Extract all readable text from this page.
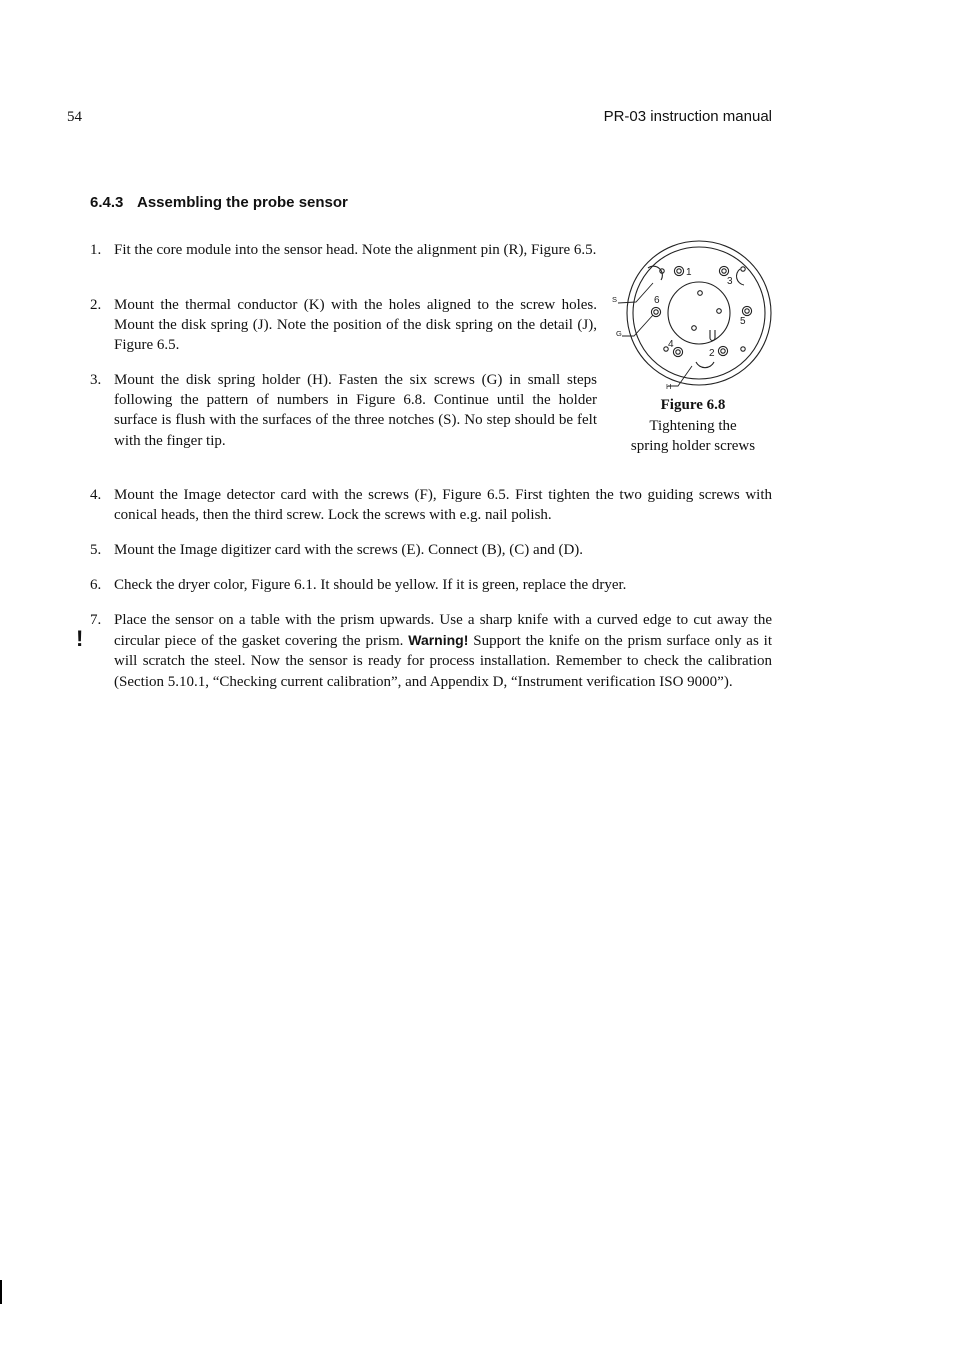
54	PR-03 instruction manual
6.4.3 Assembling the probe sensor
1. Fit the core module into the sensor head. Note the alignment pin (R), Figure 6.5.
2. Mount the thermal conductor (K) with the holes aligned to the screw holes. Mount the disk spring (J). Note the position of the disk spring on the detail (J), Figure 6.5.
3. Mount the disk spring holder (H). Fasten the six screws (G) in small steps following the pattern of numbers in Figure 6.8. Continue until the holder surface is flush with the surfaces of the three notches (S). No step should be felt with the finger tip.
4. Mount the Image detector card with the screws (F), Figure 6.5. First tighten the two guiding screws with conical heads, then the third screw. Lock the screws with e.g. nail polish.
5. Mount the Image digitizer card with the screws (E). Connect (B), (C) and (D).
6. Check the dryer color, Figure 6.1. It should be yellow. If it is green, replace the dryer.
7. Place the sensor on a table with the prism upwards. Use a sharp knife with a curved edge to cut away the circular piece of the gasket covering the prism. Warning! Support the knife on the prism surface only as it will scratch the steel. Now the sensor is ready for process installation. Remember to check the calibration (Section 5.10.1, “Checking current calibration”, and Appendix D, “Instrument verification ISO 9000”).
!
1
2
3
4
5
6
S
G
H
Figure 6.8
Tightening the
spring holder screws
